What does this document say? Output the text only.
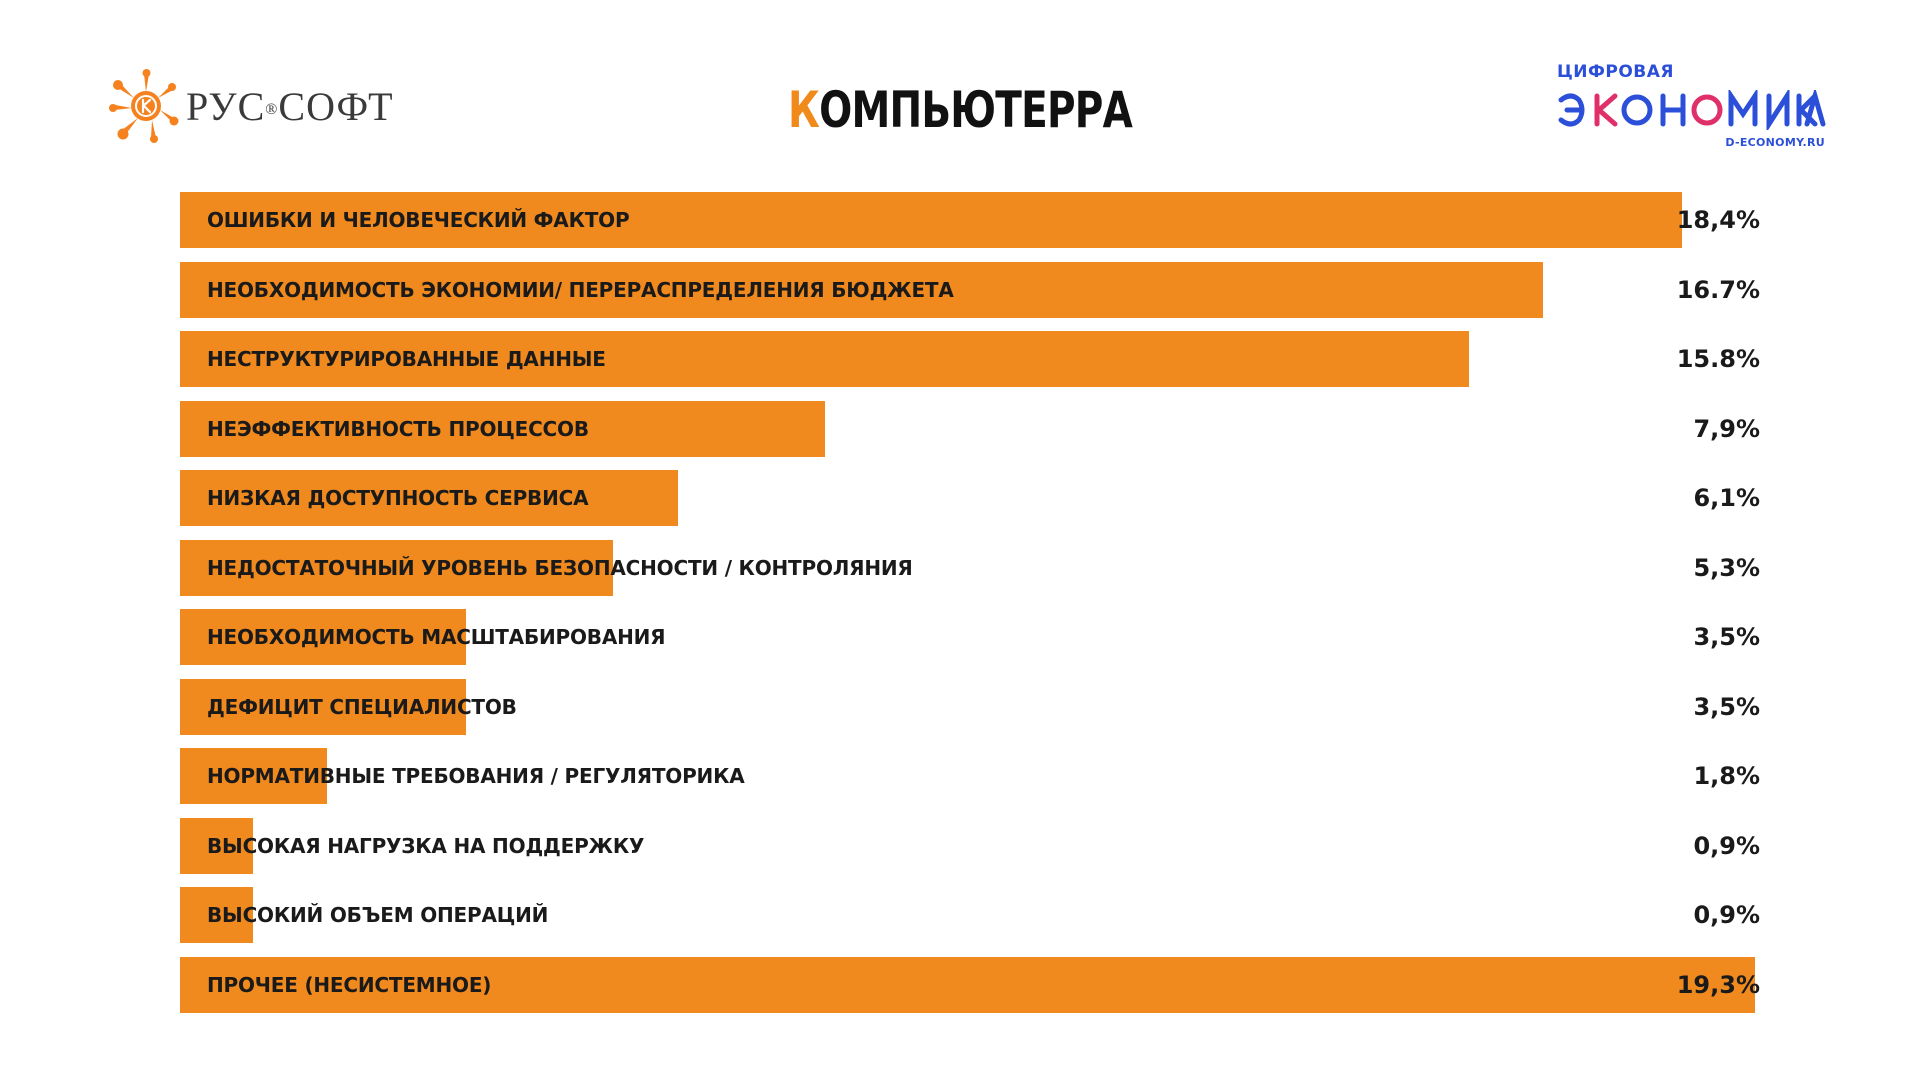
РУС®СОФТ	КОМПЬЮТЕРРА
ЦИФРОВАЯ
D-ECONOMY.RU
ОШИБКИ И ЧЕЛОВЕЧЕСКИЙ ФАКТОР	18,4%
НЕОБХОДИМОСТЬ ЭКОНОМИИ/ ПЕРЕРАСПРЕДЕЛЕНИЯ БЮДЖЕТА	16.7%
НЕСТРУКТУРИРОВАННЫЕ ДАННЫЕ	15.8%
НЕЭФФЕКТИВНОСТЬ ПРОЦЕССОВ	7,9%
НИЗКАЯ ДОСТУПНОСТЬ СЕРВИСА	6,1%
НЕДОСТАТОЧНЫЙ УРОВЕНЬ БЕЗОПАСНОСТИ / КОНТРОЛЯНИЯ	5,3%
НЕОБХОДИМОСТЬ МАСШТАБИРОВАНИЯ	3,5%
ДЕФИЦИТ СПЕЦИАЛИСТОВ	3,5%
НОРМАТИВНЫЕ ТРЕБОВАНИЯ / РЕГУЛЯТОРИКА	1,8%
ВЫСОКАЯ НАГРУЗКА НА ПОДДЕРЖКУ	0,9%
ВЫСОКИЙ ОБЪЕМ ОПЕРАЦИЙ	0,9%
ПРОЧЕЕ (НЕСИСТЕМНОЕ)	19,3%
